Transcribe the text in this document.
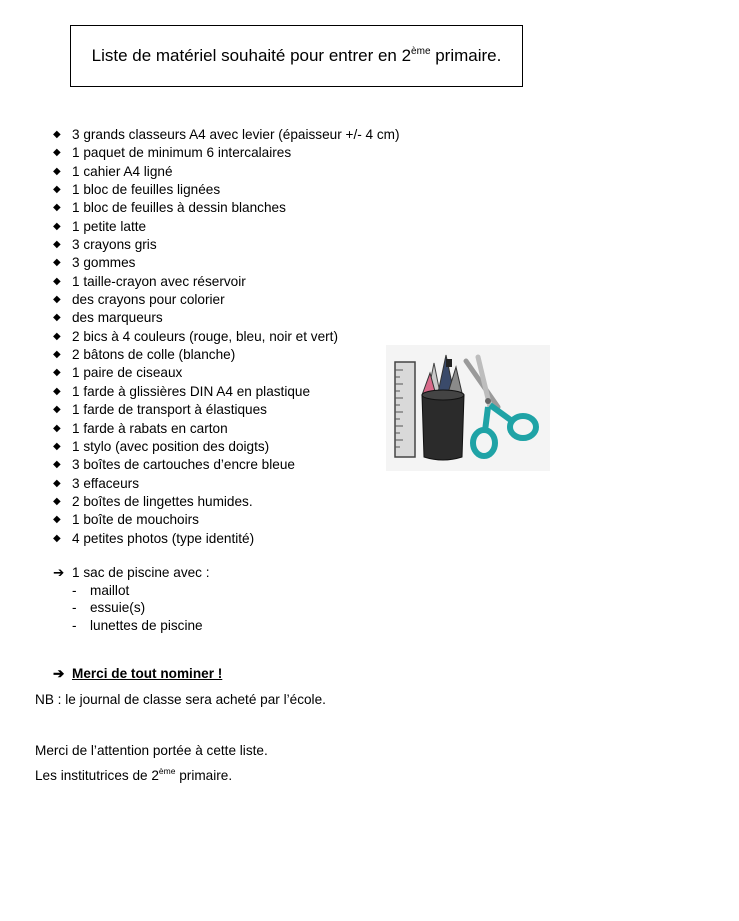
Liste de matériel souhaité pour entrer en 2ème primaire.
◆ 3 grands classeurs A4 avec levier (épaisseur +/- 4 cm)
◆ 1 paquet de minimum 6 intercalaires
◆ 1 cahier A4 ligné
◆ 1 bloc de feuilles lignées
◆ 1 bloc de feuilles à dessin blanches
◆ 1 petite latte
◆ 3 crayons gris
◆ 3 gommes
◆ 1 taille-crayon avec réservoir
◆ des crayons pour colorier
◆ des marqueurs
◆ 2 bics à 4 couleurs (rouge, bleu, noir et vert)
◆ 2 bâtons de colle (blanche)
◆ 1 paire de ciseaux
◆ 1 farde à glissières DIN A4 en plastique
◆ 1 farde de transport à élastiques
◆ 1 farde à rabats en carton
◆ 1 stylo (avec position des doigts)
◆ 3 boîtes de cartouches d’encre bleue
◆ 3 effaceurs
◆ 2 boîtes de lingettes humides.
◆ 1 boîte de mouchoirs
◆ 4 petites photos (type identité)
➔ 1 sac de piscine avec :
- maillot
- essuie(s)
- lunettes de piscine
➔ Merci de tout nominer !
NB : le journal de classe sera acheté par l’école.
Merci de l’attention portée à cette liste.
Les institutrices de 2ème primaire.
